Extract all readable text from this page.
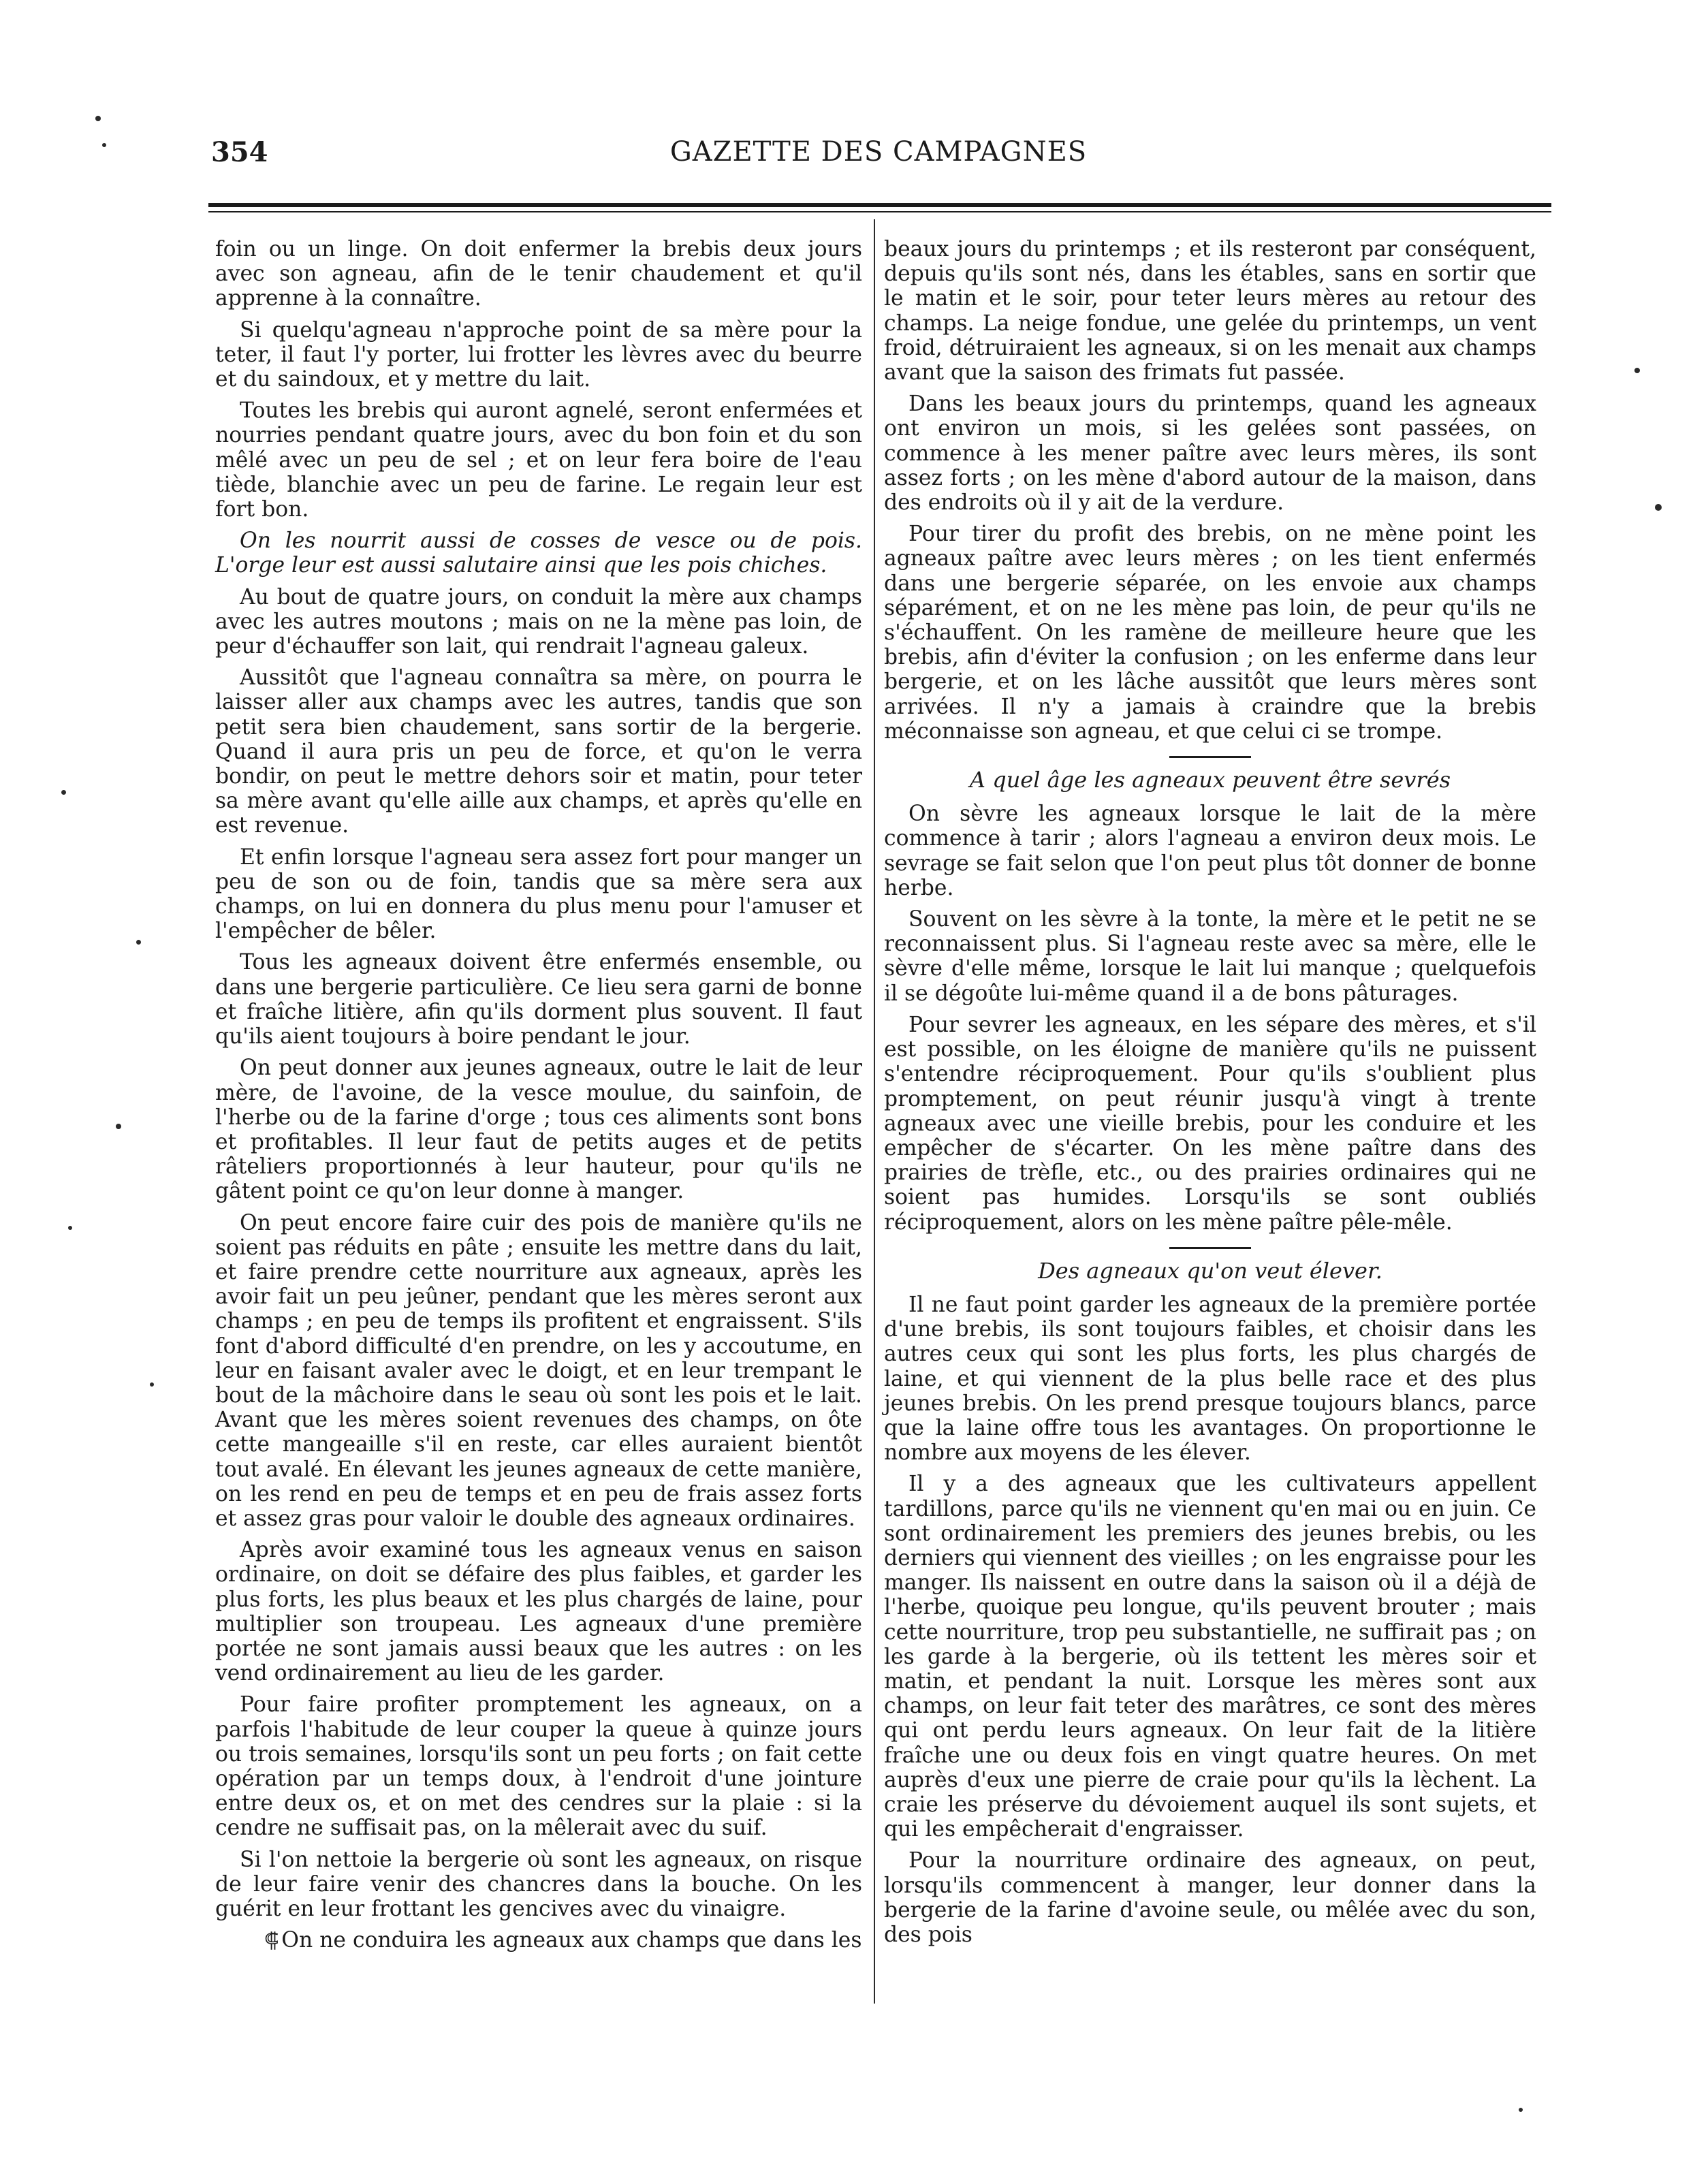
354	GAZETTE DES CAMPAGNES

foin ou un linge. On doit enfermer la brebis deux jours avec son agneau, afin de le tenir chaudement et qu'il apprenne à la connaître.

Si quelqu'agneau n'approche point de sa mère pour la teter, il faut l'y porter, lui frotter les lèvres avec du beurre et du saindoux, et y mettre du lait.

Toutes les brebis qui auront agnelé, seront enfermées et nourries pendant quatre jours, avec du bon foin et du son mêlé avec un peu de sel ; et on leur fera boire de l'eau tiède, blanchie avec un peu de farine. Le regain leur est fort bon.

On les nourrit aussi de cosses de vesce ou de pois. L'orge leur est aussi salutaire ainsi que les pois chiches.

Au bout de quatre jours, on conduit la mère aux champs avec les autres moutons ; mais on ne la mène pas loin, de peur d'échauffer son lait, qui rendrait l'agneau galeux.

Aussitôt que l'agneau connaîtra sa mère, on pourra le laisser aller aux champs avec les autres, tandis que son petit sera bien chaudement, sans sortir de la bergerie. Quand il aura pris un peu de force, et qu'on le verra bondir, on peut le mettre dehors soir et matin, pour teter sa mère avant qu'elle aille aux champs, et après qu'elle en est revenue.

Et enfin lorsque l'agneau sera assez fort pour manger un peu de son ou de foin, tandis que sa mère sera aux champs, on lui en donnera du plus menu pour l'amuser et l'empêcher de bêler.

Tous les agneaux doivent être enfermés ensemble, ou dans une bergerie particulière. Ce lieu sera garni de bonne et fraîche litière, afin qu'ils dorment plus souvent. Il faut qu'ils aient toujours à boire pendant le jour.

On peut donner aux jeunes agneaux, outre le lait de leur mère, de l'avoine, de la vesce moulue, du sainfoin, de l'herbe ou de la farine d'orge ; tous ces aliments sont bons et profitables. Il leur faut de petits auges et de petits râteliers proportionnés à leur hauteur, pour qu'ils ne gâtent point ce qu'on leur donne à manger.

On peut encore faire cuir des pois de manière qu'ils ne soient pas réduits en pâte ; ensuite les mettre dans du lait, et faire prendre cette nourriture aux agneaux, après les avoir fait un peu jeûner, pendant que les mères seront aux champs ; en peu de temps ils profitent et engraissent. S'ils font d'abord difficulté d'en prendre, on les y accoutume, en leur en faisant avaler avec le doigt, et en leur trempant le bout de la mâchoire dans le seau où sont les pois et le lait. Avant que les mères soient revenues des champs, on ôte cette mangeaille s'il en reste, car elles auraient bientôt tout avalé. En élevant les jeunes agneaux de cette manière, on les rend en peu de temps et en peu de frais assez forts et assez gras pour valoir le double des agneaux ordinaires.

Après avoir examiné tous les agneaux venus en saison ordinaire, on doit se défaire des plus faibles, et garder les plus forts, les plus beaux et les plus chargés de laine, pour multiplier son troupeau. Les agneaux d'une première portée ne sont jamais aussi beaux que les autres : on les vend ordinairement au lieu de les garder.

Pour faire profiter promptement les agneaux, on a parfois l'habitude de leur couper la queue à quinze jours ou trois semaines, lorsqu'ils sont un peu forts ; on fait cette opération par un temps doux, à l'endroit d'une jointure entre deux os, et on met des cendres sur la plaie : si la cendre ne suffisait pas, on la mêlerait avec du suif.

Si l'on nettoie la bergerie où sont les agneaux, on risque de leur faire venir des chancres dans la bouche. On les guérit en leur frottant les gencives avec du vinaigre.

⸿ On ne conduira les agneaux aux champs que dans les

beaux jours du printemps ; et ils resteront par conséquent, depuis qu'ils sont nés, dans les étables, sans en sortir que le matin et le soir, pour teter leurs mères au retour des champs. La neige fondue, une gelée du printemps, un vent froid, détruiraient les agneaux, si on les menait aux champs avant que la saison des frimats fut passée.

Dans les beaux jours du printemps, quand les agneaux ont environ un mois, si les gelées sont passées, on commence à les mener paître avec leurs mères, ils sont assez forts ; on les mène d'abord autour de la maison, dans des endroits où il y ait de la verdure.

Pour tirer du profit des brebis, on ne mène point les agneaux paître avec leurs mères ; on les tient enfermés dans une bergerie séparée, on les envoie aux champs séparément, et on ne les mène pas loin, de peur qu'ils ne s'échauffent. On les ramène de meilleure heure que les brebis, afin d'éviter la confusion ; on les enferme dans leur bergerie, et on les lâche aussitôt que leurs mères sont arrivées. Il n'y a jamais à craindre que la brebis méconnaisse son agneau, et que celui ci se trompe.

A quel âge les agneaux peuvent être sevrés

On sèvre les agneaux lorsque le lait de la mère commence à tarir ; alors l'agneau a environ deux mois. Le sevrage se fait selon que l'on peut plus tôt donner de bonne herbe.

Souvent on les sèvre à la tonte, la mère et le petit ne se reconnaissent plus. Si l'agneau reste avec sa mère, elle le sèvre d'elle même, lorsque le lait lui manque ; quelquefois il se dégoûte lui-même quand il a de bons pâturages.

Pour sevrer les agneaux, en les sépare des mères, et s'il est possible, on les éloigne de manière qu'ils ne puissent s'entendre réciproquement. Pour qu'ils s'oublient plus promptement, on peut réunir jusqu'à vingt à trente agneaux avec une vieille brebis, pour les conduire et les empêcher de s'écarter. On les mène paître dans des prairies de trèfle, etc., ou des prairies ordinaires qui ne soient pas humides. Lorsqu'ils se sont oubliés réciproquement, alors on les mène paître pêle-mêle.

Des agneaux qu'on veut élever.

Il ne faut point garder les agneaux de la première portée d'une brebis, ils sont toujours faibles, et choisir dans les autres ceux qui sont les plus forts, les plus chargés de laine, et qui viennent de la plus belle race et des plus jeunes brebis. On les prend presque toujours blancs, parce que la laine offre tous les avantages. On proportionne le nombre aux moyens de les élever.

Il y a des agneaux que les cultivateurs appellent tardillons, parce qu'ils ne viennent qu'en mai ou en juin. Ce sont ordinairement les premiers des jeunes brebis, ou les derniers qui viennent des vieilles ; on les engraisse pour les manger. Ils naissent en outre dans la saison où il a déjà de l'herbe, quoique peu longue, qu'ils peuvent brouter ; mais cette nourriture, trop peu substantielle, ne suffirait pas ; on les garde à la bergerie, où ils tettent les mères soir et matin, et pendant la nuit. Lorsque les mères sont aux champs, on leur fait teter des marâtres, ce sont des mères qui ont perdu leurs agneaux. On leur fait de la litière fraîche une ou deux fois en vingt quatre heures. On met auprès d'eux une pierre de craie pour qu'ils la lèchent. La craie les préserve du dévoiement auquel ils sont sujets, et qui les empêcherait d'engraisser.

Pour la nourriture ordinaire des agneaux, on peut, lorsqu'ils commencent à manger, leur donner dans la bergerie de la farine d'avoine seule, ou mêlée avec du son, des pois
